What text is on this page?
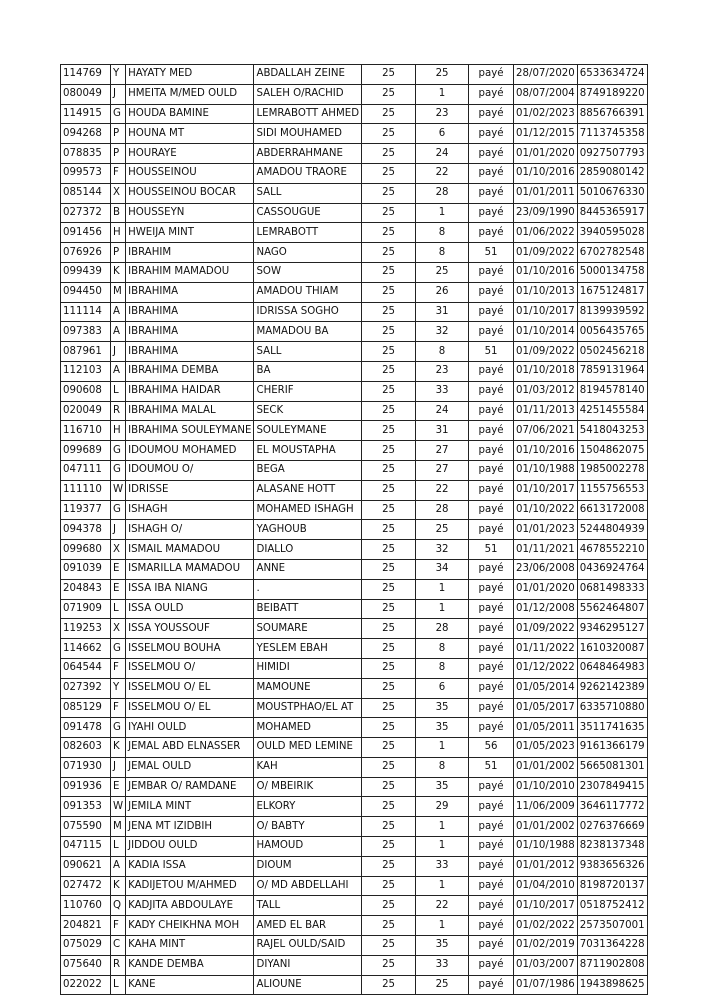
114769	Y	HAYATY MED	ABDALLAH ZEINE	25	25	payé	28/07/2020	6533634724
080049	J	HMEITA M/MED OULD	SALEH O/RACHID	25	1	payé	08/07/2004	8749189220
114915	G	HOUDA BAMINE	LEMRABOTT AHMED	25	23	payé	01/02/2023	8856766391
094268	P	HOUNA MT	SIDI MOUHAMED	25	6	payé	01/12/2015	7113745358
078835	P	HOURAYE	ABDERRAHMANE	25	24	payé	01/01/2020	0927507793
099573	F	HOUSSEINOU	AMADOU TRAORE	25	22	payé	01/10/2016	2859080142
085144	X	HOUSSEINOU BOCAR	SALL	25	28	payé	01/01/2011	5010676330
027372	B	HOUSSEYN	CASSOUGUE	25	1	payé	23/09/1990	8445365917
091456	H	HWEIJA MINT	LEMRABOTT	25	8	payé	01/06/2022	3940595028
076926	P	IBRAHIM	NAGO	25	8	51	01/09/2022	6702782548
099439	K	IBRAHIM MAMADOU	SOW	25	25	payé	01/10/2016	5000134758
094450	M	IBRAHIMA	AMADOU THIAM	25	26	payé	01/10/2013	1675124817
111114	A	IBRAHIMA	IDRISSA SOGHO	25	31	payé	01/10/2017	8139939592
097383	A	IBRAHIMA	MAMADOU BA	25	32	payé	01/10/2014	0056435765
087961	J	IBRAHIMA	SALL	25	8	51	01/09/2022	0502456218
112103	A	IBRAHIMA DEMBA	BA	25	23	payé	01/10/2018	7859131964
090608	L	IBRAHIMA HAIDAR	CHERIF	25	33	payé	01/03/2012	8194578140
020049	R	IBRAHIMA MALAL	SECK	25	24	payé	01/11/2013	4251455584
116710	H	IBRAHIMA SOULEYMANE	SOULEYMANE	25	31	payé	07/06/2021	5418043253
099689	G	IDOUMOU MOHAMED	EL MOUSTAPHA	25	27	payé	01/10/2016	1504862075
047111	G	IDOUMOU O/	BEGA	25	27	payé	01/10/1988	1985002278
111110	W	IDRISSE	ALASANE HOTT	25	22	payé	01/10/2017	1155756553
119377	G	ISHAGH	MOHAMED ISHAGH	25	28	payé	01/10/2022	6613172008
094378	J	ISHAGH O/	YAGHOUB	25	25	payé	01/01/2023	5244804939
099680	X	ISMAIL MAMADOU	DIALLO	25	32	51	01/11/2021	4678552210
091039	E	ISMARILLA MAMADOU	ANNE	25	34	payé	23/06/2008	0436924764
204843	E	ISSA IBA NIANG	.	25	1	payé	01/01/2020	0681498333
071909	L	ISSA OULD	BEIBATT	25	1	payé	01/12/2008	5562464807
119253	X	ISSA YOUSSOUF	SOUMARE	25	28	payé	01/09/2022	9346295127
114662	G	ISSELMOU BOUHA	YESLEM EBAH	25	8	payé	01/11/2022	1610320087
064544	F	ISSELMOU O/	HIMIDI	25	8	payé	01/12/2022	0648464983
027392	Y	ISSELMOU O/ EL	MAMOUNE	25	6	payé	01/05/2014	9262142389
085129	F	ISSELMOU O/ EL	MOUSTPHAO/EL AT	25	35	payé	01/05/2017	6335710880
091478	G	IYAHI OULD	MOHAMED	25	35	payé	01/05/2011	3511741635
082603	K	JEMAL ABD ELNASSER	OULD MED LEMINE	25	1	56	01/05/2023	9161366179
071930	J	JEMAL OULD	KAH	25	8	51	01/01/2002	5665081301
091936	E	JEMBAR O/ RAMDANE	O/ MBEIRIK	25	35	payé	01/10/2010	2307849415
091353	W	JEMILA MINT	ELKORY	25	29	payé	11/06/2009	3646117772
075590	M	JENA MT IZIDBIH	O/ BABTY	25	1	payé	01/01/2002	0276376669
047115	L	JIDDOU OULD	HAMOUD	25	1	payé	01/10/1988	8238137348
090621	A	KADIA ISSA	DIOUM	25	33	payé	01/01/2012	9383656326
027472	K	KADIJETOU M/AHMED	O/ MD ABDELLAHI	25	1	payé	01/04/2010	8198720137
110760	Q	KADJITA ABDOULAYE	TALL	25	22	payé	01/10/2017	0518752412
204821	F	KADY CHEIKHNA MOH	AMED EL BAR	25	1	payé	01/02/2022	2573507001
075029	C	KAHA MINT	RAJEL OULD/SAID	25	35	payé	01/02/2019	7031364228
075640	R	KANDE DEMBA	DIYANI	25	33	payé	01/03/2007	8711902808
022022	L	KANE	ALIOUNE	25	25	payé	01/07/1986	1943898625
